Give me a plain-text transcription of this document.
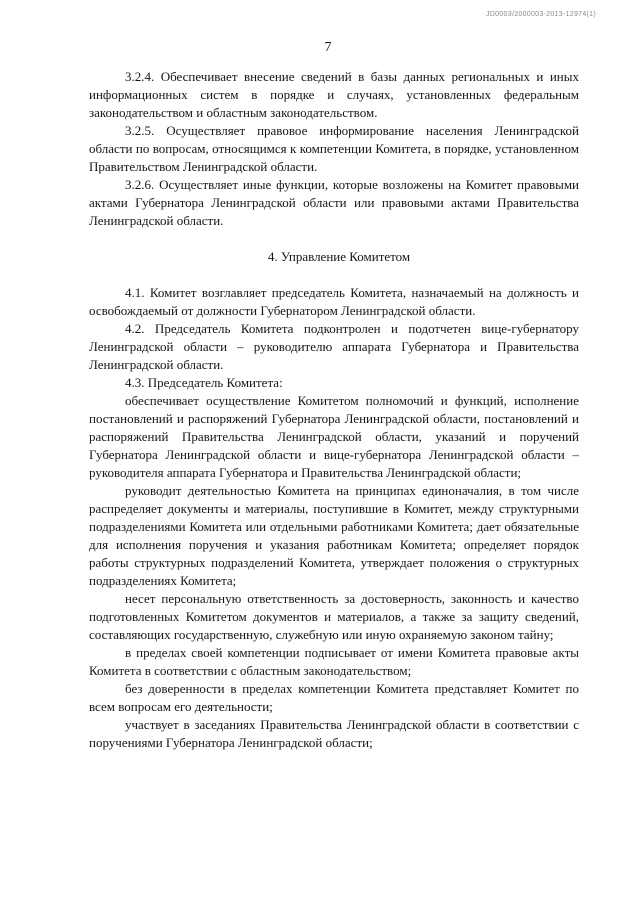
JD0003/2000003-2013-12974(1)
7

3.2.4. Обеспечивает внесение сведений в базы данных региональных и иных информационных систем в порядке и случаях, установленных федеральным законодательством и областным законодательством.

3.2.5. Осуществляет правовое информирование населения Ленинградской области по вопросам, относящимся к компетенции Комитета, в порядке, установленном Правительством Ленинградской области.

3.2.6. Осуществляет иные функции, которые возложены на Комитет правовыми актами Губернатора Ленинградской области или правовыми актами Правительства Ленинградской области.

4. Управление Комитетом

4.1. Комитет возглавляет председатель Комитета, назначаемый на должность и освобождаемый от должности Губернатором Ленинградской области.

4.2. Председатель Комитета подконтролен и подотчетен вице-губернатору Ленинградской области – руководителю аппарата Губернатора и Правительства Ленинградской области.

4.3. Председатель Комитета:

обеспечивает осуществление Комитетом полномочий и функций, исполнение постановлений и распоряжений Губернатора Ленинградской области, постановлений и распоряжений Правительства Ленинградской области, указаний и поручений Губернатора Ленинградской области и вице-губернатора Ленинградской области – руководителя аппарата Губернатора и Правительства Ленинградской области;

руководит деятельностью Комитета на принципах единоначалия, в том числе распределяет документы и материалы, поступившие в Комитет, между структурными подразделениями Комитета или отдельными работниками Комитета; дает обязательные для исполнения поручения и указания работникам Комитета; определяет порядок работы структурных подразделений Комитета, утверждает положения о структурных подразделениях Комитета;

несет персональную ответственность за достоверность, законность и качество подготовленных Комитетом документов и материалов, а также за защиту сведений, составляющих государственную, служебную или иную охраняемую законом тайну;

в пределах своей компетенции подписывает от имени Комитета правовые акты Комитета в соответствии с областным законодательством;

без доверенности в пределах компетенции Комитета представляет Комитет по всем вопросам его деятельности;

участвует в заседаниях Правительства Ленинградской области в соответствии с поручениями Губернатора Ленинградской области;
